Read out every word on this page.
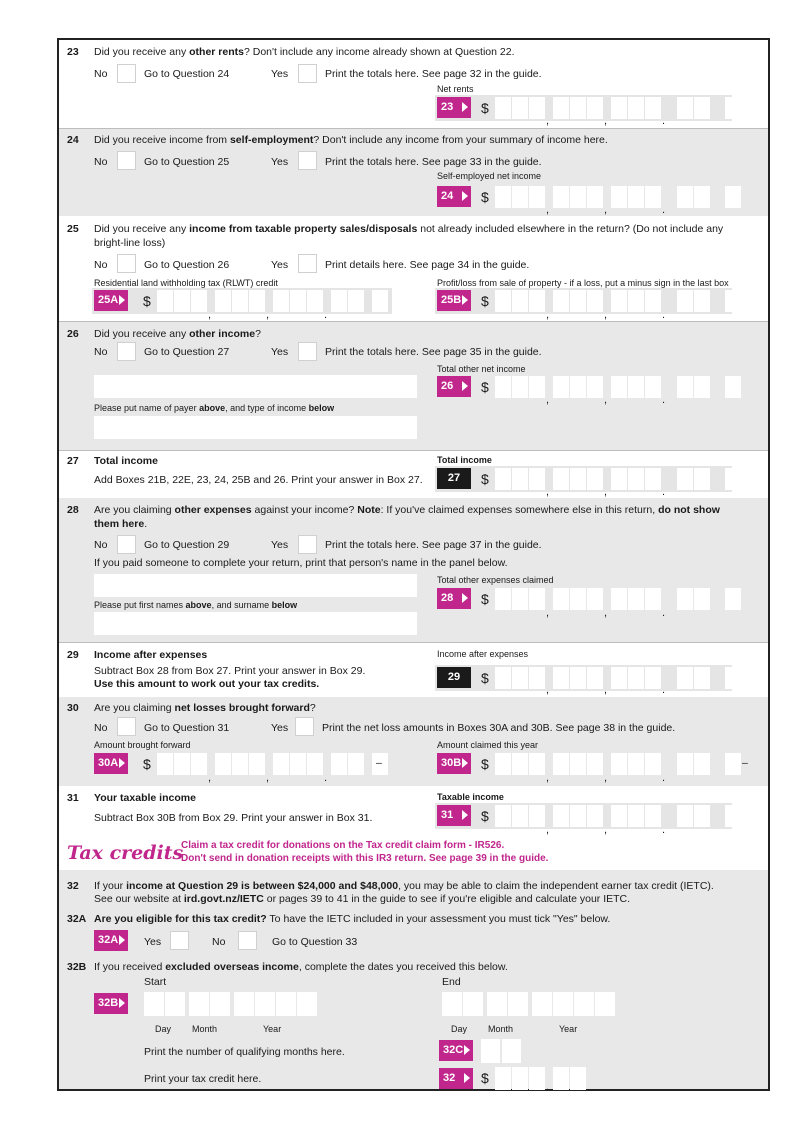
23 Did you receive any other rents? Don't include any income already shown at Question 22.
No	Go to Question 24	Yes	Print the totals here. See page 32 in the guide.
Net rents
23	$
24 Did you receive income from self-employment? Don't include any income from your summary of income here.
No	Go to Question 25	Yes	Print the totals here. See page 33 in the guide.
Self-employed net income
24	$
25 Did you receive any income from taxable property sales/disposals not already included elsewhere in the return? (Do not include any
bright-line loss)
No	Go to Question 26	Yes	Print details here. See page 34 in the guide.
Residential land withholding tax (RLWT) credit	Profit/loss from sale of property - if a loss, put a minus sign in the last box
25A	$	25B	$
26 Did you receive any other income?
No	Go to Question 27	Yes	Print the totals here. See page 35 in the guide.
Total other net income
26	$
Please put name of payer above, and type of income below
27 Total income
Add Boxes 21B, 22E, 23, 24, 25B and 26. Print your answer in Box 27.
Total income
27	$
28 Are you claiming other expenses against your income? Note: If you've claimed expenses somewhere else in this return, do not show
them here.
No	Go to Question 29	Yes	Print the totals here. See page 37 in the guide.
If you paid someone to complete your return, print that person's name in the panel below.
Total other expenses claimed
28	$
Please put first names above, and surname below
29 Income after expenses
Subtract Box 28 from Box 27. Print your answer in Box 29.
Use this amount to work out your tax credits.
Income after expenses
29	$
30 Are you claiming net losses brought forward?
No	Go to Question 31	Yes	Print the net loss amounts in Boxes 30A and 30B. See page 38 in the guide.
Amount brought forward	Amount claimed this year
30A	$	–	30B	$	–
31 Your taxable income
Subtract Box 30B from Box 29. Print your answer in Box 31.
Taxable income
31	$
Tax credits
Claim a tax credit for donations on the Tax credit claim form - IR526.
Don't send in donation receipts with this IR3 return. See page 39 in the guide.
32 If your income at Question 29 is between $24,000 and $48,000, you may be able to claim the independent earner tax credit (IETC).
See our website at ird.govt.nz/IETC or pages 39 to 41 in the guide to see if you're eligible and calculate your IETC.
32A Are you eligible for this tax credit? To have the IETC included in your assessment you must tick "Yes" below.
32A	Yes	No	Go to Question 33
32B If you received excluded overseas income, complete the dates you received this below.
Start	End
32B
Day Month	Year	Day Month	Year
Print the number of qualifying months here.	32C
Print your tax credit here.	32	$
,	,	.
,	,	.
,	,	.	,	,	.
,	,	.
,	,	.
,	,	.
,	,	.
,	,	.	,	,	.
,	,	.
.
